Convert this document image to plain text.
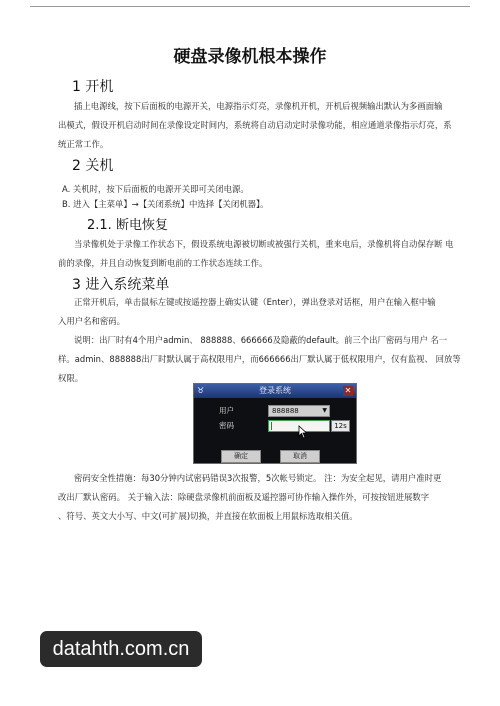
硬盘录像机根本操作
1 开机
插上电源线，按下后面板的电源开关，电源指示灯亮，录像机开机，开机后视频输出默认为多画面输
出模式，假设开机启动时间在录像设定时间内，系统将自动启动定时录像功能，相应通道录像指示灯亮，系
统正常工作。
2 关机
A. 关机时，按下后面板的电源开关即可关闭电源。
B. 进入【主菜单】→【关闭系统】中选择【关闭机器】。
2.1. 断电恢复
当录像机处于录像工作状态下，假设系统电源被切断或被强行关机，重来电后，录像机将自动保存断 电
前的录像，并且自动恢复到断电前的工作状态连续工作。
3 进入系统菜单
正常开机后，单击鼠标左键或按遥控器上确实认键（Enter），弹出登录对话框，用户在输入框中输
入用户名和密码。
说明：出厂时有4个用户admin、 888888、666666及隐蔽的default。前三个出厂密码与用户 名一
样。admin、888888出厂时默认属于高权限用户，而666666出厂默认属于低权限用户，仅有监视、 回放等
权限。
♉	登录系统	✕
用户	888888	▼
密码	12s
确定	取消
密码安全性措施：每30分钟内试密码错误3次报警，5次帐号锁定。 注：为安全起见，请用户准时更
改出厂默认密码。 关于输入法：除硬盘录像机前面板及遥控器可协作输入操作外，可按按钮进展数字
、符号、英文大小写、中文(可扩展)切换，并直接在软面板上用鼠标选取相关值。
datahth.com.cn
